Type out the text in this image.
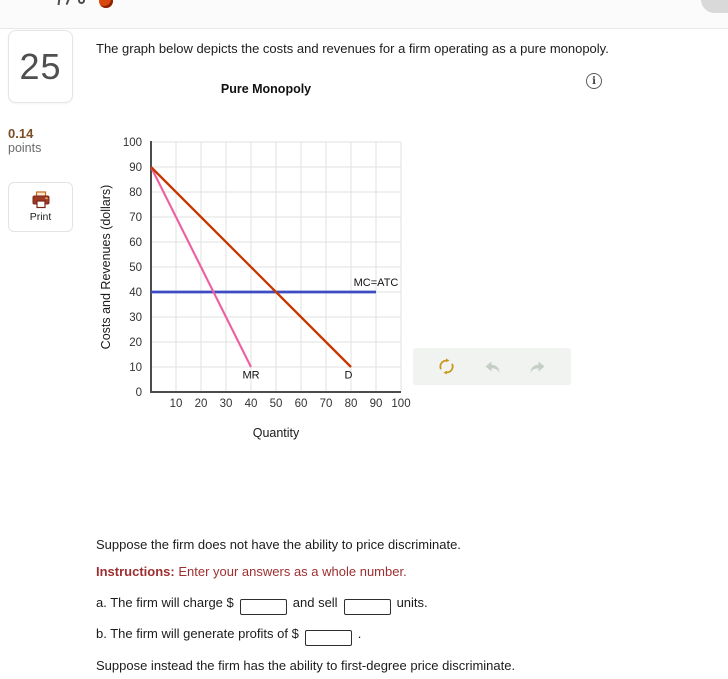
25
0.14
points
Print

The graph below depicts the costs and revenues for a firm operating as a pure monopoly.

Pure Monopoly
i
0
10
20
30
40
50
60
70
80
90
100
10 20 30 40 50 60 70 80 90 100
MC=ATC
MR	D
Costs and Revenues (dollars)
Quantity

Suppose the firm does not have the ability to price discriminate.

Instructions: Enter your answers as a whole number.

a. The firm will charge $	and sell	units.

b. The firm will generate profits of $	.

Suppose instead the firm has the ability to first-degree price discriminate.
